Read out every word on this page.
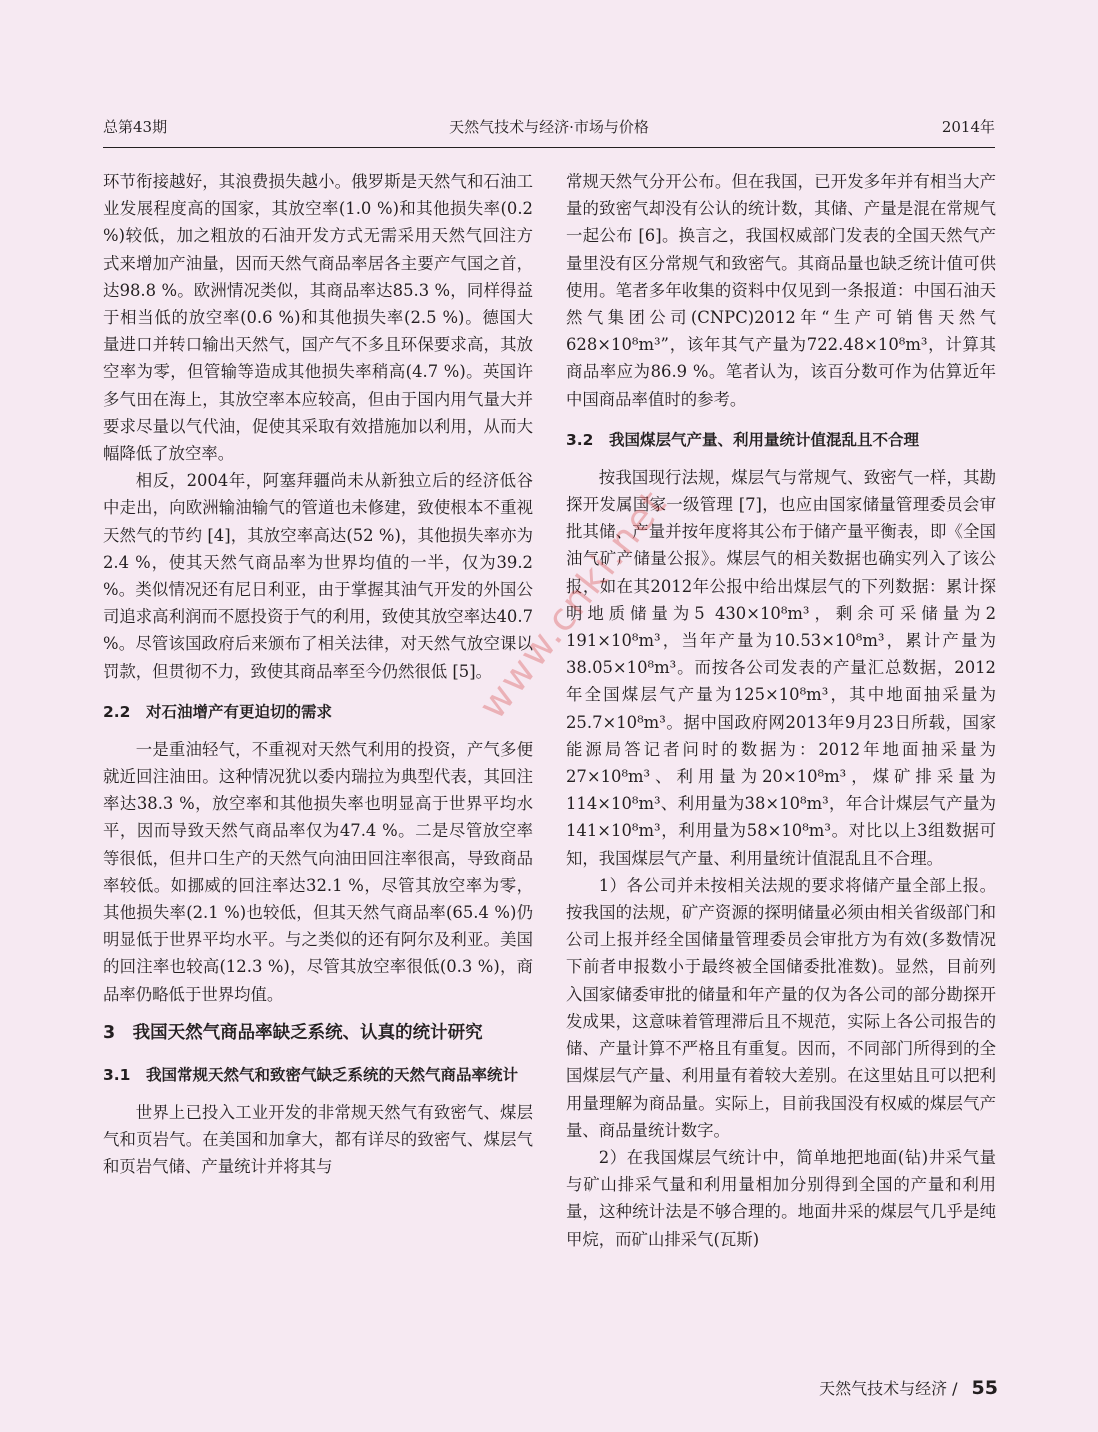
总第43期	天然气技术与经济·市场与价格	2014年

环节衔接越好，其浪费损失越小。俄罗斯是天然气和石油工业发展程度高的国家，其放空率(1.0 %)和其他损失率(0.2 %)较低，加之粗放的石油开发方式无需采用天然气回注方式来增加产油量，因而天然气商品率居各主要产气国之首，达98.8 %。欧洲情况类似，其商品率达85.3 %，同样得益于相当低的放空率(0.6 %)和其他损失率(2.5 %)。德国大量进口并转口输出天然气，国产气不多且环保要求高，其放空率为零，但管输等造成其他损失率稍高(4.7 %)。英国许多气田在海上，其放空率本应较高，但由于国内用气量大并要求尽量以气代油，促使其采取有效措施加以利用，从而大幅降低了放空率。

相反，2004年，阿塞拜疆尚未从新独立后的经济低谷中走出，向欧洲输油输气的管道也未修建，致使根本不重视天然气的节约 [4]，其放空率高达(52 %)，其他损失率亦为2.4 %，使其天然气商品率为世界均值的一半，仅为39.2 %。类似情况还有尼日利亚，由于掌握其油气开发的外国公司追求高利润而不愿投资于气的利用，致使其放空率达40.7 %。尽管该国政府后来颁布了相关法律，对天然气放空课以罚款，但贯彻不力，致使其商品率至今仍然很低 [5]。

2.2　对石油增产有更迫切的需求

一是重油轻气，不重视对天然气利用的投资，产气多便就近回注油田。这种情况犹以委内瑞拉为典型代表，其回注率达38.3 %，放空率和其他损失率也明显高于世界平均水平，因而导致天然气商品率仅为47.4 %。二是尽管放空率等很低，但井口生产的天然气向油田回注率很高，导致商品率较低。如挪威的回注率达32.1 %，尽管其放空率为零，其他损失率(2.1 %)也较低，但其天然气商品率(65.4 %)仍明显低于世界平均水平。与之类似的还有阿尔及利亚。美国的回注率也较高(12.3 %)，尽管其放空率很低(0.3 %)，商品率仍略低于世界均值。

3　我国天然气商品率缺乏系统、认真的统计研究
3.1　我国常规天然气和致密气缺乏系统的天然气商品率统计

世界上已投入工业开发的非常规天然气有致密气、煤层气和页岩气。在美国和加拿大，都有详尽的致密气、煤层气和页岩气储、产量统计并将其与

常规天然气分开公布。但在我国，已开发多年并有相当大产量的致密气却没有公认的统计数，其储、产量是混在常规气一起公布 [6]。换言之，我国权威部门发表的全国天然气产量里没有区分常规气和致密气。其商品量也缺乏统计值可供使用。笔者多年收集的资料中仅见到一条报道：中国石油天然气集团公司(CNPC)2012年“生产可销售天然气628×10⁸m³”，该年其气产量为722.48×10⁸m³，计算其商品率应为86.9 %。笔者认为，该百分数可作为估算近年中国商品率值时的参考。

3.2　我国煤层气产量、利用量统计值混乱且不合理

按我国现行法规，煤层气与常规气、致密气一样，其勘探开发属国家一级管理 [7]，也应由国家储量管理委员会审批其储、产量并按年度将其公布于储产量平衡表，即《全国油气矿产储量公报》。煤层气的相关数据也确实列入了该公报，如在其2012年公报中给出煤层气的下列数据：累计探明地质储量为5 430×10⁸m³，剩余可采储量为2 191×10⁸m³，当年产量为10.53×10⁸m³，累计产量为38.05×10⁸m³。而按各公司发表的产量汇总数据，2012年全国煤层气产量为125×10⁸m³，其中地面抽采量为25.7×10⁸m³。据中国政府网2013年9月23日所载，国家能源局答记者问时的数据为：2012年地面抽采量为27×10⁸m³、利用量为20×10⁸m³，煤矿排采量为114×10⁸m³、利用量为38×10⁸m³，年合计煤层气产量为141×10⁸m³，利用量为58×10⁸m³。对比以上3组数据可知，我国煤层气产量、利用量统计值混乱且不合理。

1）各公司并未按相关法规的要求将储产量全部上报。按我国的法规，矿产资源的探明储量必须由相关省级部门和公司上报并经全国储量管理委员会审批方为有效(多数情况下前者申报数小于最终被全国储委批准数)。显然，目前列入国家储委审批的储量和年产量的仅为各公司的部分勘探开发成果，这意味着管理滞后且不规范，实际上各公司报告的储、产量计算不严格且有重复。因而，不同部门所得到的全国煤层气产量、利用量有着较大差别。在这里姑且可以把利用量理解为商品量。实际上，目前我国没有权威的煤层气产量、商品量统计数字。

2）在我国煤层气统计中，简单地把地面(钻)井采气量与矿山排采气量和利用量相加分别得到全国的产量和利用量，这种统计法是不够合理的。地面井采的煤层气几乎是纯甲烷，而矿山排采气(瓦斯)

www.cnki.net
天然气技术与经济 / 55
